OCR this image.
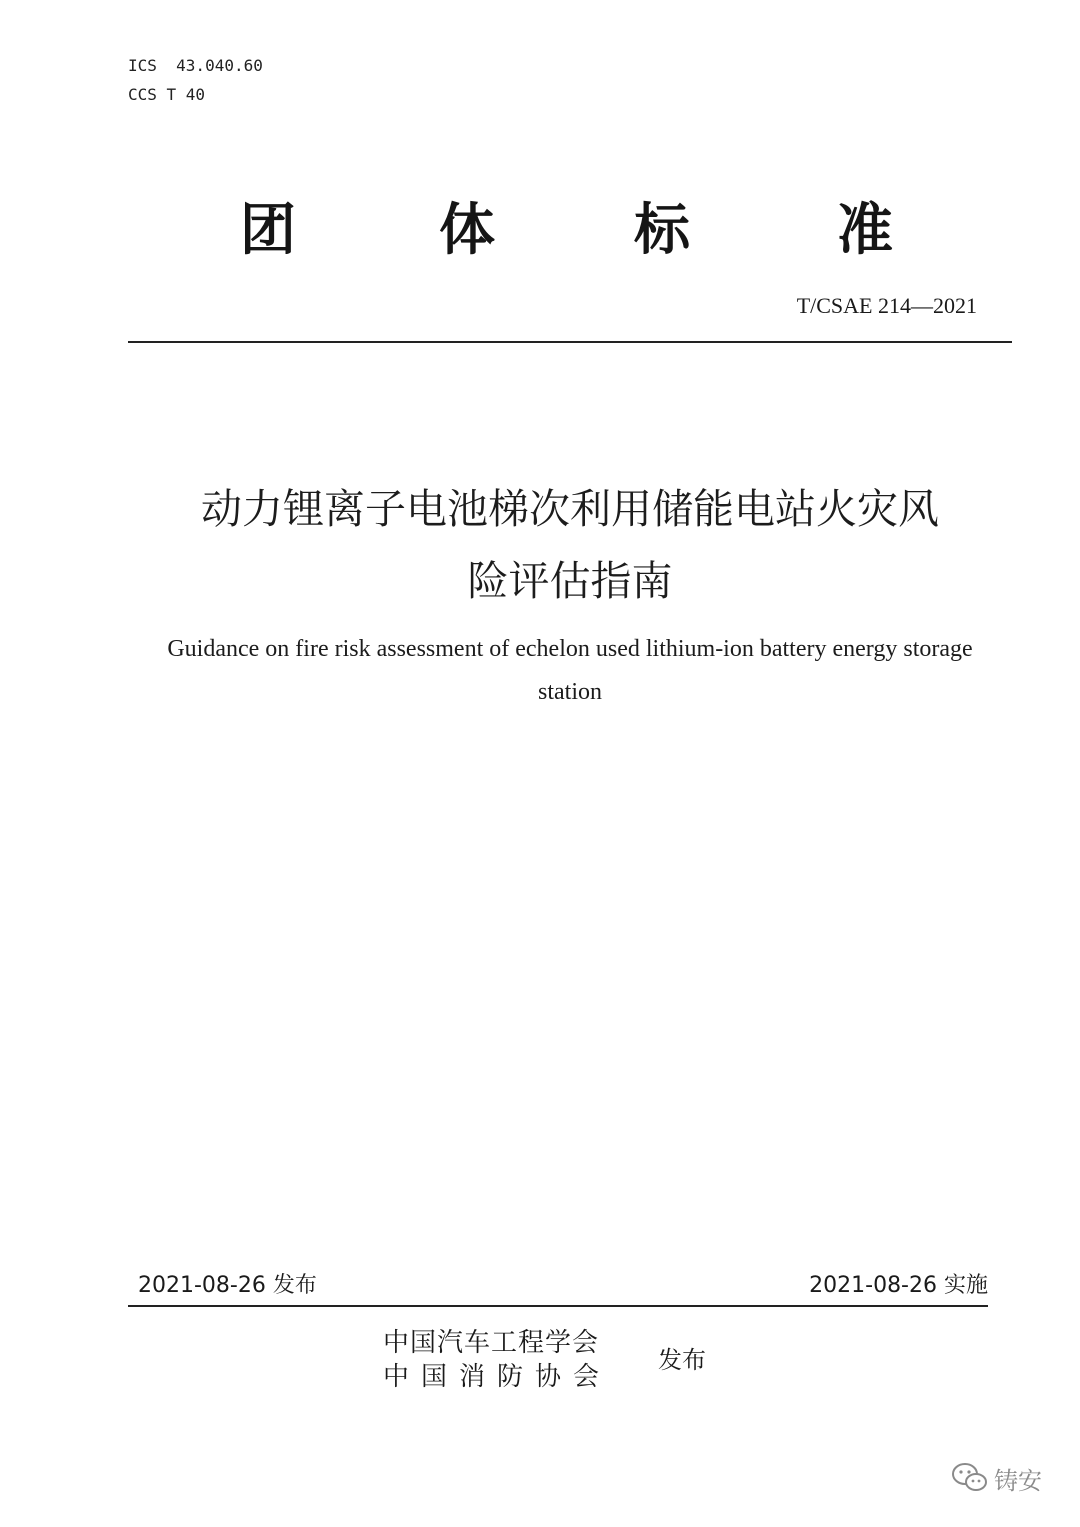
ICS  43.040.60
CCS T 40
团	体 标	准
T/CSAE 214—2021
动力锂离子电池梯次利用储能电站火灾风
险评估指南
Guidance on fire risk assessment of echelon used lithium-ion battery energy storage
station
2021-08-26 发布	2021-08-26 实施
中国汽车工程学会
中国消防协会
发布
铸安
